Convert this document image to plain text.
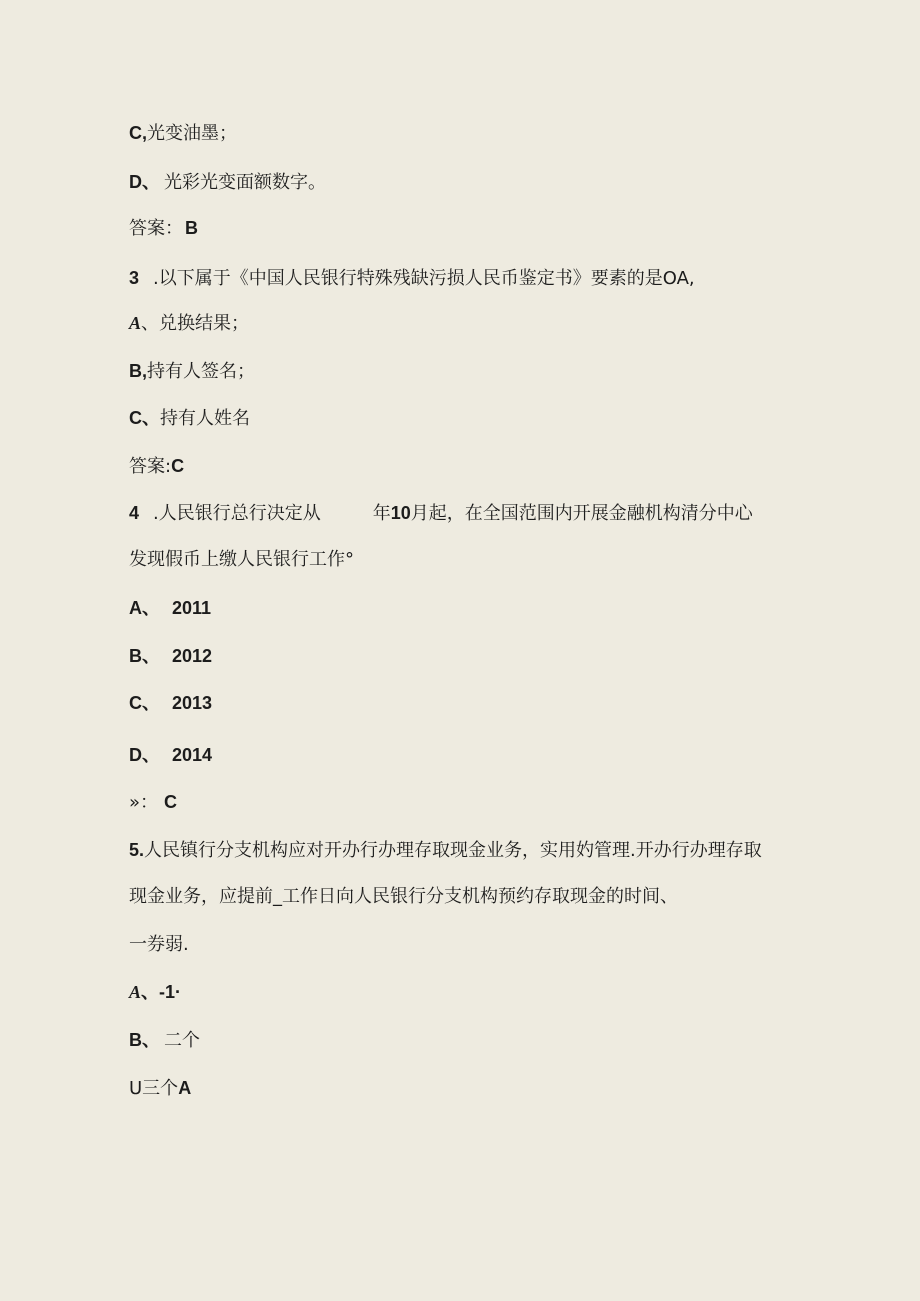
C,光变油墨；
D、 光彩光变面额数字。
答案： B
3 .以下属于《中国人民银行特殊残缺污损人民币鉴定书》要素的是OA,
A、兑换结果；
B,持有人签名；
C、持有人姓名
答案:C
4 .人民银行总行决定从	年10月起，在全国范围内开展金融机构清分中心
发现假币上缴人民银行工作°
A、 2011
B、 2012
C、 2013
D、 2014
»： C
5.人民镇行分支机构应对开办行办理存取现金业务，实用妁管理.开办行办理存取
现金业务，应提前_工作日向人民银行分支机构预约存取现金的时间、
一券弱.
A、-1·
B、 二个
U三个A
